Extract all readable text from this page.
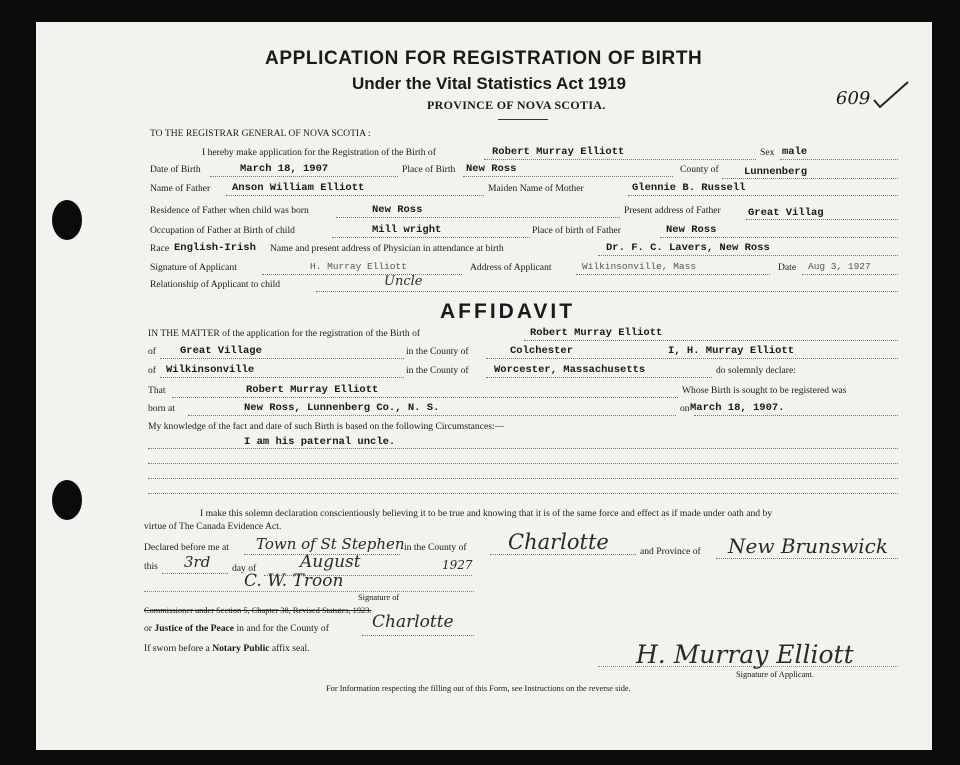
APPLICATION FOR REGISTRATION OF BIRTH
Under the Vital Statistics Act 1919
PROVINCE OF NOVA SCOTIA.	609
TO THE REGISTRAR GENERAL OF NOVA SCOTIA :
I hereby make application for the Registration of the Birth of	Robert Murray Elliott	Sex male
Date of Birth	March 18, 1907	Place of Birth New Ross	County of Lunnenberg
Name of Father Anson William Elliott	Maiden Name of Mother	Glennie B. Russell
Residence of Father when child was born	New Ross	Present address of Father	Great Villag
Occupation of Father at Birth of child	Mill wright	Place of birth of Father	New Ross
Race English-Irish Name and present address of Physician in attendance at birth	Dr. F. C. Lavers, New Ross
Signature of Applicant	H. Murray Elliott	Address of Applicant	Wilkinsonville, Mass	Date Aug 3, 1927
Relationship of Applicant to child	Uncle
AFFIDAVIT
IN THE MATTER of the application for the registration of the Birth of	Robert Murray Elliott
of Great Village	in the County of	Colchester	I, H. Murray Elliott
of Wilkinsonville	in the County of Worcester, Massachusetts	do solemnly declare:
That	Robert Murray Elliott	Whose Birth is sought to be registered was
born at	New Ross, Lunnenberg Co., N. S.	on March 18, 1907.
My knowledge of the fact and date of such Birth is based on the following Circumstances:—
I am his paternal uncle.
I make this solemn declaration conscientiously believing it to be true and knowing that it is of the same force and effect as if made under oath and by
virtue of The Canada Evidence Act.
Declared before me at Town of St Stephen in the County of Charlotte	and Province of New Brunswick
this 3rd day of	August	1927
C. W. Troon
Signature of
Commissioner under Section 5, Chapter 38, Revised Statutes, 1923.
or Justice of the Peace in and for the County of	Charlotte
If sworn before a Notary Public affix seal.	H. Murray Elliott
Signature of Applicant.
For Information respecting the filling out of this Form, see Instructions on the reverse side.
